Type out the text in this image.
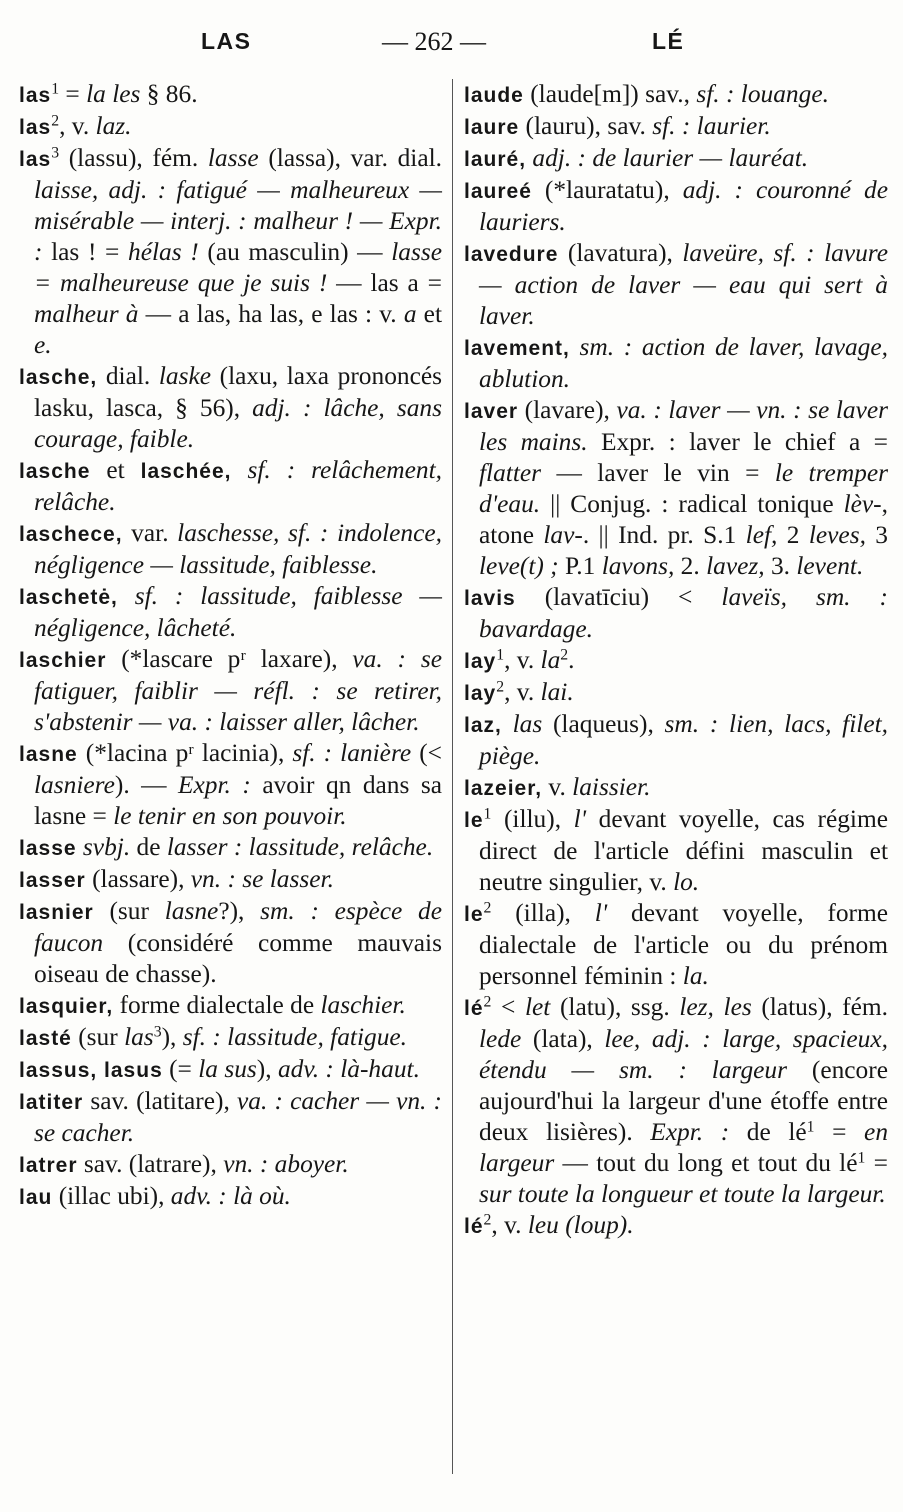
LAS	— 262 —	LÉ

las$^1$ = la les § 86.

las$^2$, v. laz.

las$^3$ (lassu), fém. lasse (lassa), var. dial. laisse, adj. : fatigué — malheureux — misérable — interj. : malheur ! — Expr. : las ! = hélas ! (au masculin) — lasse = malheureuse que je suis ! — las a = malheur à — a las, ha las, e las : v. a et e.

lasche, dial. laske (laxu, laxa prononcés lasku, lasca, § 56), adj. : lâche, sans courage, faible.

lasche et laschée, sf. : relâchement, relâche.

laschece, var. laschesse, sf. : indolence, négligence — lassitude, faiblesse.

laschetė, sf. : lassitude, faiblesse — négligence, lâcheté.

laschier (*lascare pʳ laxare), va. : se fatiguer, faiblir — réfl. : se retirer, s'abstenir — va. : laisser aller, lâcher.

lasne (*lacina pʳ lacinia), sf. : lanière (< lasniere). — Expr. : avoir qn dans sa lasne = le tenir en son pouvoir.

lasse svbj. de lasser : lassitude, relâche.

lasser (lassare), vn. : se lasser.

lasnier (sur lasne?), sm. : espèce de faucon (considéré comme mauvais oiseau de chasse).

lasquier, forme dialectale de laschier.

lasté (sur las$^3$), sf. : lassitude, fatigue.

lassus, lasus (= la sus), adv. : là-haut.

latiter sav. (latitare), va. : cacher — vn. : se cacher.

latrer sav. (latrare), vn. : aboyer.

lau (illac ubi), adv. : là où.

laude (laude[m]) sav., sf. : louange.

laure (lauru), sav. sf. : laurier.

lauré, adj. : de laurier — lauréat.

laureé (*lauratatu), adj. : couronné de lauriers.

lavedure (lavatura), laveüre, sf. : lavure — action de laver — eau qui sert à laver.

lavement, sm. : action de laver, lavage, ablution.

laver (lavare), va. : laver — vn. : se laver les mains. Expr. : laver le chief a = flatter — laver le vin = le tremper d'eau. || Conjug. : radical tonique lèv-, atone lav-. || Ind. pr. S.1 lef, 2 leves, 3 leve(t) ; P.1 lavons, 2. lavez, 3. levent.

lavis (lavatīciu) < laveïs, sm. : bavardage.

lay$^1$, v. $la^2$.

lay$^2$, v. lai.

laz, las (laqueus), sm. : lien, lacs, filet, piège.

lazeier, v. laissier.

$le^1$ (illu), l' devant voyelle, cas régime direct de l'article défini masculin et neutre singulier, v. lo.

$le^2$ (illa), l' devant voyelle, forme dialectale de l'article ou du prénom personnel féminin : la.

$lé^2$ < let (latu), ssg. lez, les (latus), fém. lede (lata), lee, adj. : large, spacieux, étendu — sm. : largeur (encore aujourd'hui la largeur d'une étoffe entre deux lisières). Expr. : de $lé^1$ = en largeur — tout du long et tout du $lé^1$ = sur toute la longueur et toute la largeur.

$lé^2$, v. leu (loup).
